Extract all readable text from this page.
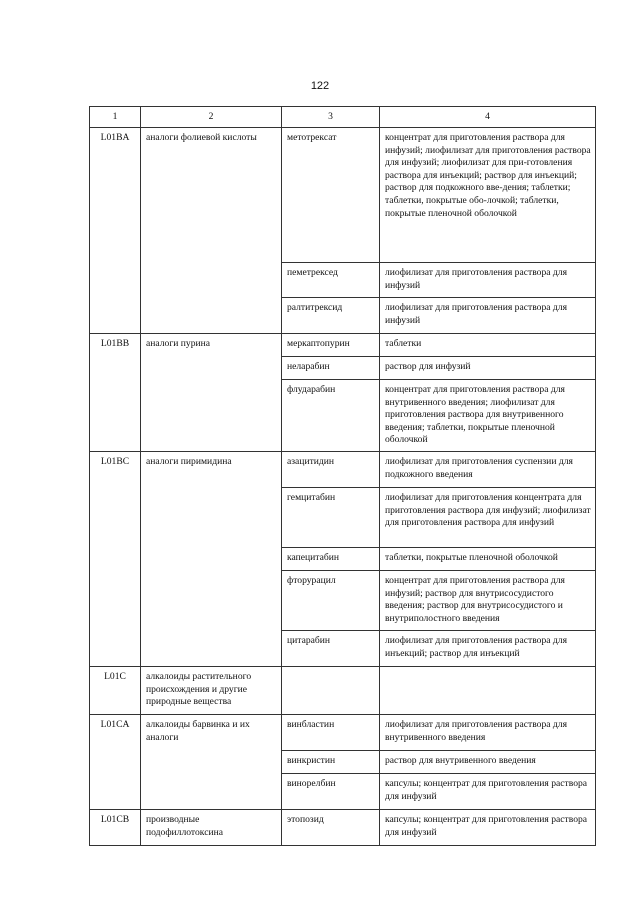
122
1	2	3	4
L01BA	аналоги фолиевой кислоты	метотрексат	концентрат для приготовления раствора для инфузий; лиофилизат для приготовления раствора для инфузий; лиофилизат для при-готовления раствора для инъекций; раствор для инъекций; раствор для подкожного вве-дения; таблетки; таблетки, покрытые обо-лочкой; таблетки, покрытые пленочной оболочкой
		пеметрексед	лиофилизат для приготовления раствора для инфузий
		ралтитрексид	лиофилизат для приготовления раствора для инфузий
L01BB	аналоги пурина	меркаптопурин	таблетки
		неларабин	раствор для инфузий
		флударабин	концентрат для приготовления раствора для внутривенного введения; лиофилизат для приготовления раствора для внутривенного введения; таблетки, покрытые пленочной оболочкой
L01BC	аналоги пиримидина	азацитидин	лиофилизат для приготовления суспензии для подкожного введения
		гемцитабин	лиофилизат для приготовления концентрата для приготовления раствора для инфузий; лиофилизат для приготовления раствора для инфузий
		капецитабин	таблетки, покрытые пленочной оболочкой
		фторурацил	концентрат для приготовления раствора для инфузий; раствор для внутрисосудистого введения; раствор для внутрисосудистого и внутриполостного введения
		цитарабин	лиофилизат для приготовления раствора для инъекций; раствор для инъекций
L01C	алкалоиды растительного происхождения и другие природные вещества		
L01CA	алкалоиды барвинка и их аналоги	винбластин	лиофилизат для приготовления раствора для внутривенного введения
		винкристин	раствор для внутривенного введения
		винорелбин	капсулы; концентрат для приготовления раствора для инфузий
L01CB	производные подофиллотоксина	этопозид	капсулы; концентрат для приготовления раствора для инфузий
